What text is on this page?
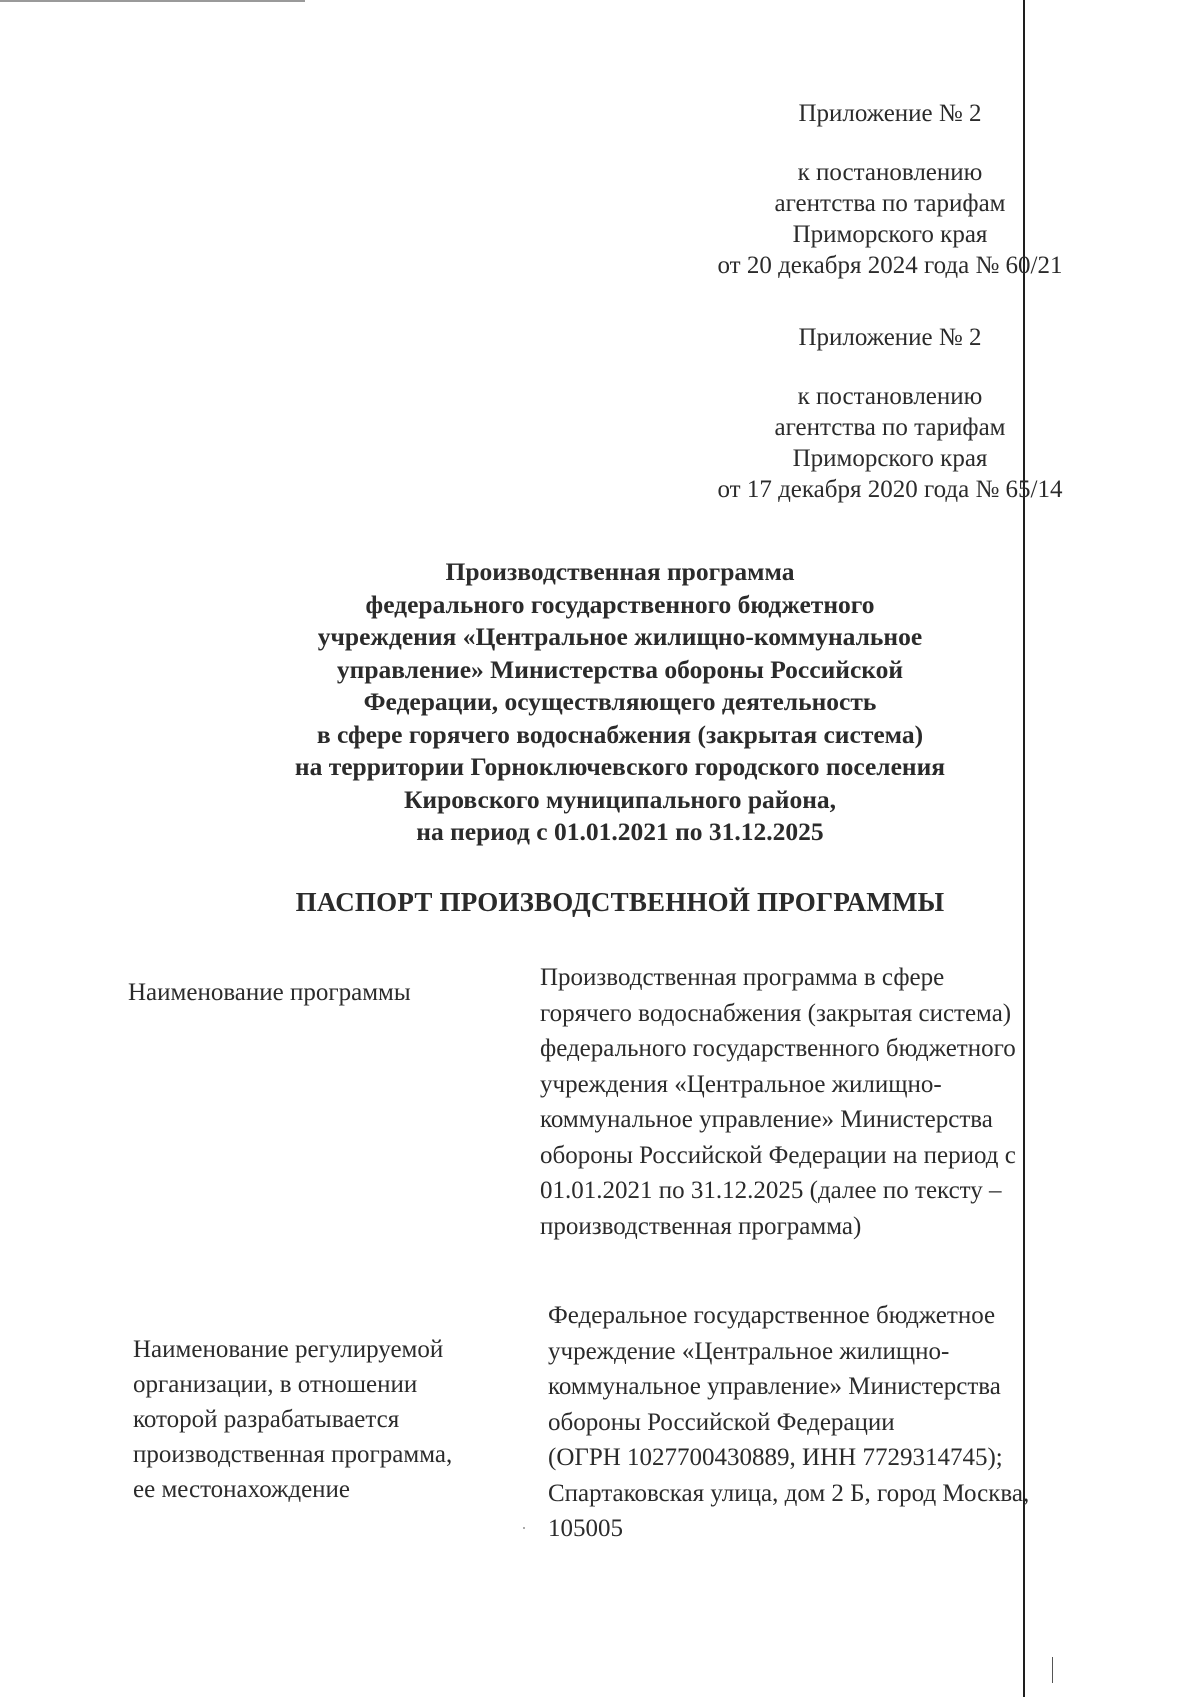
Приложение № 2
к постановлению
агентства по тарифам
Приморского края
от 20 декабря 2024 года № 60/21
Приложение № 2
к постановлению
агентства по тарифам
Приморского края
от 17 декабря 2020 года № 65/14
Производственная программа
федерального государственного бюджетного
учреждения «Центральное жилищно-коммунальное
управление» Министерства обороны Российской
Федерации, осуществляющего деятельность
в сфере горячего водоснабжения (закрытая система)
на территории Горноключевского городского поселения
Кировского муниципального района,
на период с 01.01.2021 по 31.12.2025
ПАСПОРТ ПРОИЗВОДСТВЕННОЙ ПРОГРАММЫ
Наименование программы
Производственная программа в сфере
горячего водоснабжения (закрытая система)
федерального государственного бюджетного
учреждения «Центральное жилищно-
коммунальное управление» Министерства
обороны Российской Федерации на период с
01.01.2021 по 31.12.2025 (далее по тексту –
производственная программа)
Наименование регулируемой
организации, в отношении
которой разрабатывается
производственная программа,
ее местонахождение
Федеральное государственное бюджетное
учреждение «Центральное жилищно-
коммунальное управление» Министерства
обороны Российской Федерации
(ОГРН 1027700430889, ИНН 7729314745);
Спартаковская улица, дом 2 Б, город Москва,
105005
